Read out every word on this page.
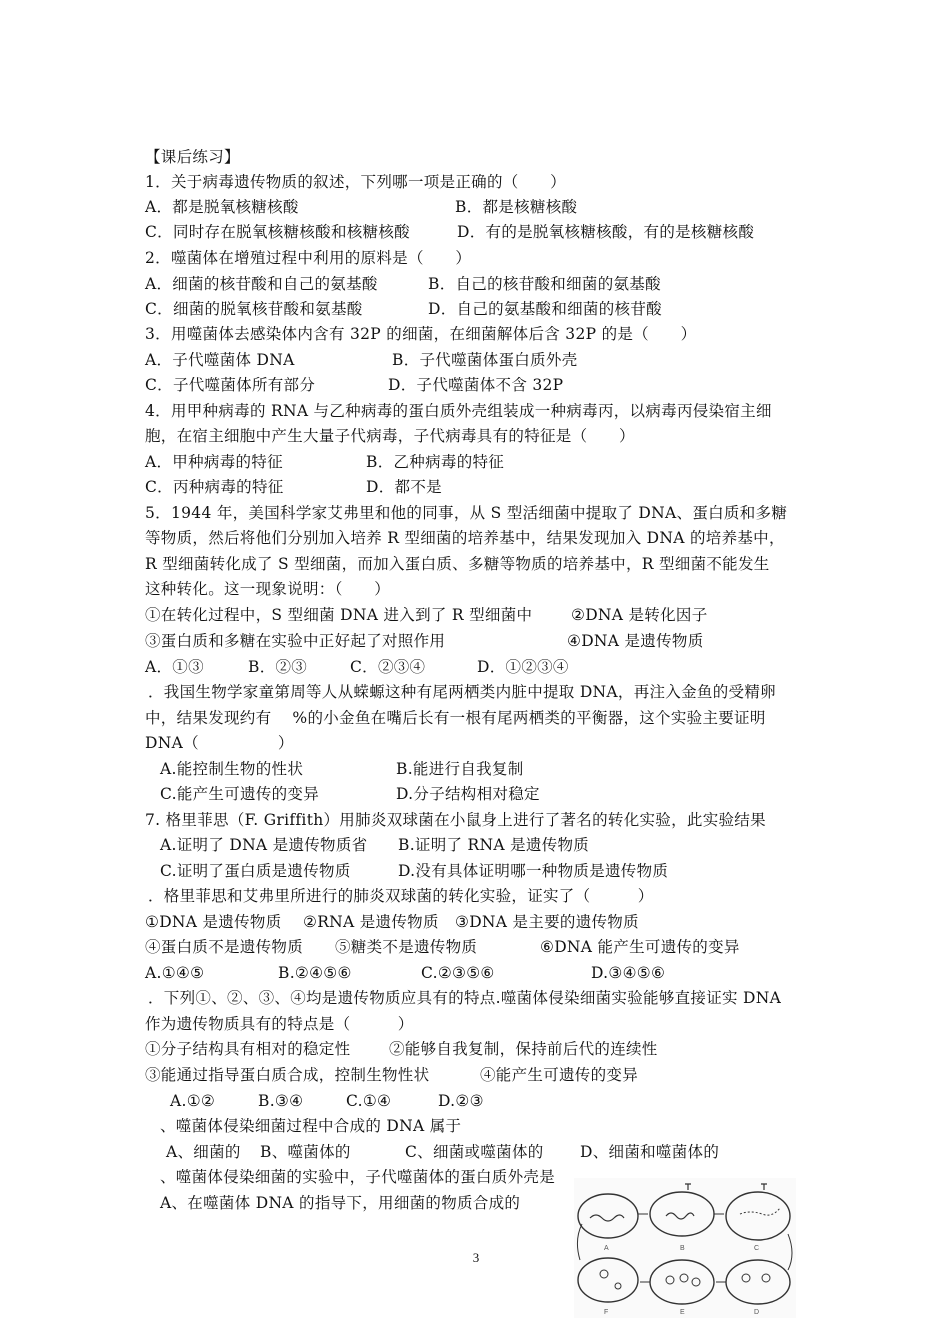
【课后练习】
1．关于病毒遗传物质的叙述，下列哪一项是正确的（　　）
A．都是脱氧核糖核酸	B．都是核糖核酸
C．同时存在脱氧核糖核酸和核糖核酸	D．有的是脱氧核糖核酸，有的是核糖核酸
2．噬菌体在增殖过程中利用的原料是（　　）
A．细菌的核苷酸和自己的氨基酸	B．自己的核苷酸和细菌的氨基酸
C．细菌的脱氧核苷酸和氨基酸	D．自己的氨基酸和细菌的核苷酸
3．用噬菌体去感染体内含有 32P 的细菌，在细菌解体后含 32P 的是（　　）
A．子代噬菌体 DNA	B．子代噬菌体蛋白质外壳
C．子代噬菌体所有部分	D．子代噬菌体不含 32P
4．用甲种病毒的 RNA 与乙种病毒的蛋白质外壳组装成一种病毒丙，以病毒丙侵染宿主细
胞，在宿主细胞中产生大量子代病毒，子代病毒具有的特征是（　　）
A．甲种病毒的特征	B．乙种病毒的特征
C．丙种病毒的特征	D．都不是
5．1944 年，美国科学家艾弗里和他的同事，从 S 型活细菌中提取了 DNA、蛋白质和多糖
等物质，然后将他们分别加入培养 R 型细菌的培养基中，结果发现加入 DNA 的培养基中，
R 型细菌转化成了 S 型细菌，而加入蛋白质、多糖等物质的培养基中，R 型细菌不能发生
这种转化。这一现象说明：（　　）
①在转化过程中，S 型细菌 DNA 进入到了 R 型细菌中 ②DNA 是转化因子
③蛋白质和多糖在实验中正好起了对照作用	④DNA 是遗传物质
A．①③	B．②③	C．②③④	D．①②③④
．我国生物学家童第周等人从蝾螈这种有尾两栖类内脏中提取 DNA，再注入金鱼的受精卵
中，结果发现约有　 %的小金鱼在嘴后长有一根有尾两栖类的平衡器，这个实验主要证明
DNA（　　　　　）
A.能控制生物的性状	B.能进行自我复制
C.能产生可遗传的变异	D.分子结构相对稳定
7. 格里菲思（F. Griffith）用肺炎双球菌在小鼠身上进行了著名的转化实验，此实验结果
A.证明了 DNA 是遗传物质省 B.证明了 RNA 是遗传物质
C.证明了蛋白质是遗传物质	D.没有具体证明哪一种物质是遗传物质
．格里菲思和艾弗里所进行的肺炎双球菌的转化实验，证实了（　　　）
①DNA 是遗传物质 ②RNA 是遗传物质 ③DNA 是主要的遗传物质
④蛋白质不是遗传物质 ⑤糖类不是遗传物质	⑥DNA 能产生可遗传的变异
A.①④⑤	B.②④⑤⑥	C.②③⑤⑥	D.③④⑤⑥
．下列①、②、③、④均是遗传物质应具有的特点.噬菌体侵染细菌实验能够直接证实 DNA
作为遗传物质具有的特点是（　　　）
①分子结构具有相对的稳定性 ②能够自我复制，保持前后代的连续性
③能通过指导蛋白质合成，控制生物性状	④能产生可遗传的变异
A.①②	B.③④	C.①④	D.②③
、噬菌体侵染细菌过程中合成的 DNA 属于
A、细菌的 B、噬菌体的	C、细菌或噬菌体的 D、细菌和噬菌体的
、噬菌体侵染细菌的实验中，子代噬菌体的蛋白质外壳是
A、在噬菌体 DNA 的指导下，用细菌的物质合成的
A	B	C
D
E
F
3
